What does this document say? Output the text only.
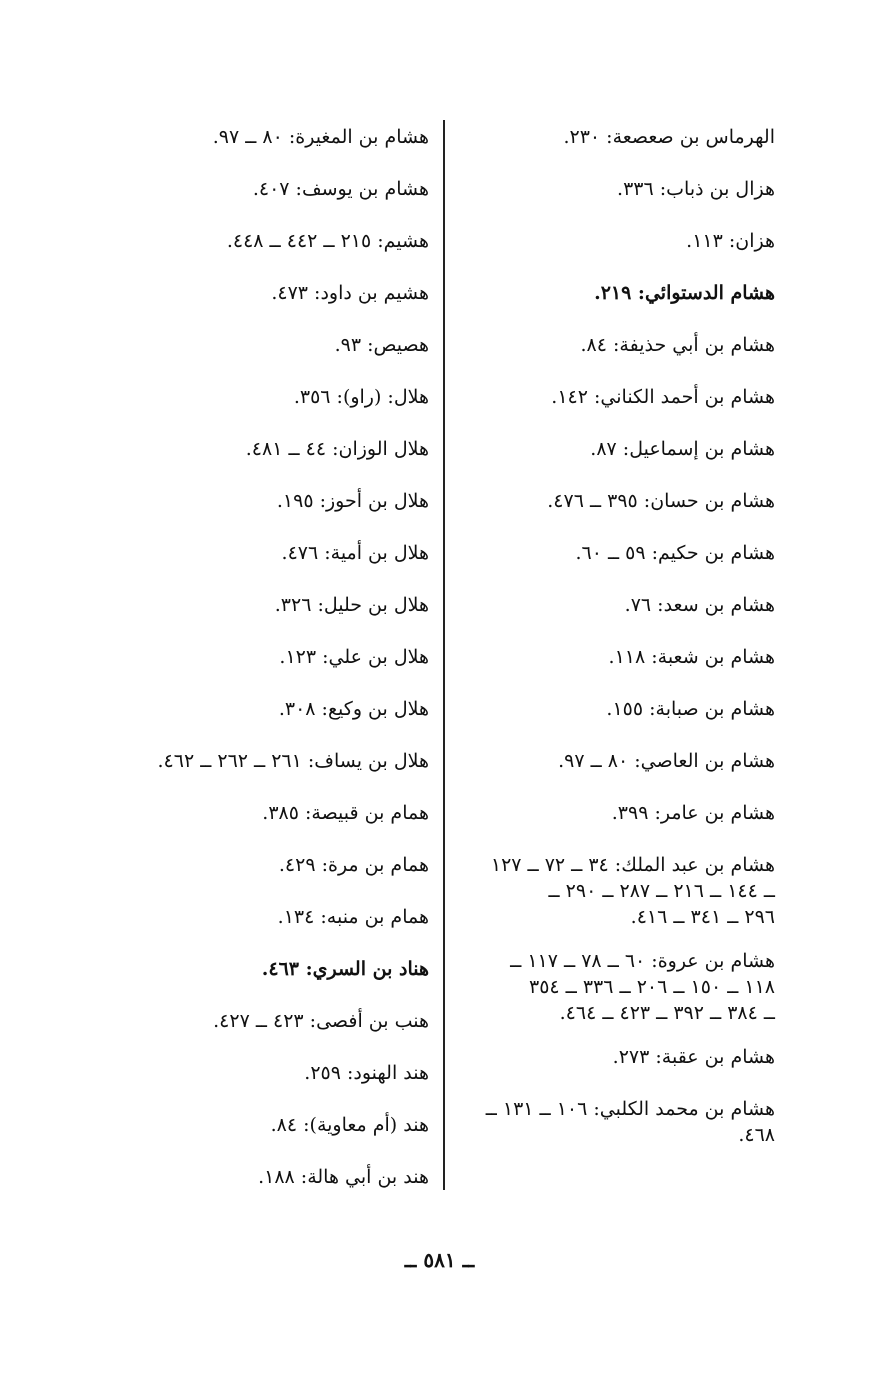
الهرماس بن صعصعة: ٢٣٠.
هزال بن ذباب: ٣٣٦.
هزان: ١١٣.
هشام الدستوائي: ٢١٩.
هشام بن أبي حذيفة: ٨٤.
هشام بن أحمد الكناني: ١٤٢.
هشام بن إسماعيل: ٨٧.
هشام بن حسان: ٣٩٥ ــ ٤٧٦.
هشام بن حكيم: ٥٩ ــ ٦٠.
هشام بن سعد: ٧٦.
هشام بن شعبة: ١١٨.
هشام بن صبابة: ١٥٥.
هشام بن العاصي: ٨٠ ــ ٩٧.
هشام بن عامر: ٣٩٩.
هشام بن عبد الملك: ٣٤ ــ ٧٢ ــ ١٢٧
ــ ١٤٤ ــ ٢١٦ ــ ٢٨٧ ــ ٢٩٠ ــ
٢٩٦ ــ ٣٤١ ــ ٤١٦.
هشام بن عروة: ٦٠ ــ ٧٨ ــ ١١٧ ــ
١١٨ ــ ١٥٠ ــ ٢٠٦ ــ ٣٣٦ ــ ٣٥٤
ــ ٣٨٤ ــ ٣٩٢ ــ ٤٢٣ ــ ٤٦٤.
هشام بن عقبة: ٢٧٣.
هشام بن محمد الكلبي: ١٠٦ ــ ١٣١ ــ
٤٦٨.
هشام بن المغيرة: ٨٠ ــ ٩٧.
هشام بن يوسف: ٤٠٧.
هشيم: ٢١٥ ــ ٤٤٢ ــ ٤٤٨.
هشيم بن داود: ٤٧٣.
هصيص: ٩٣.
هلال: (راو): ٣٥٦.
هلال الوزان: ٤٤ ــ ٤٨١.
هلال بن أحوز: ١٩٥.
هلال بن أمية: ٤٧٦.
هلال بن حليل: ٣٢٦.
هلال بن علي: ١٢٣.
هلال بن وكيع: ٣٠٨.
هلال بن يساف: ٢٦١ ــ ٢٦٢ ــ ٤٦٢.
همام بن قبيصة: ٣٨٥.
همام بن مرة: ٤٢٩.
همام بن منبه: ١٣٤.
هناد بن السري: ٤٦٣.
هنب بن أفصى: ٤٢٣ ــ ٤٢٧.
هند الهنود: ٢٥٩.
هند (أم معاوية): ٨٤.
هند بن أبي هالة: ١٨٨.
ــ ٥٨١ ــ
